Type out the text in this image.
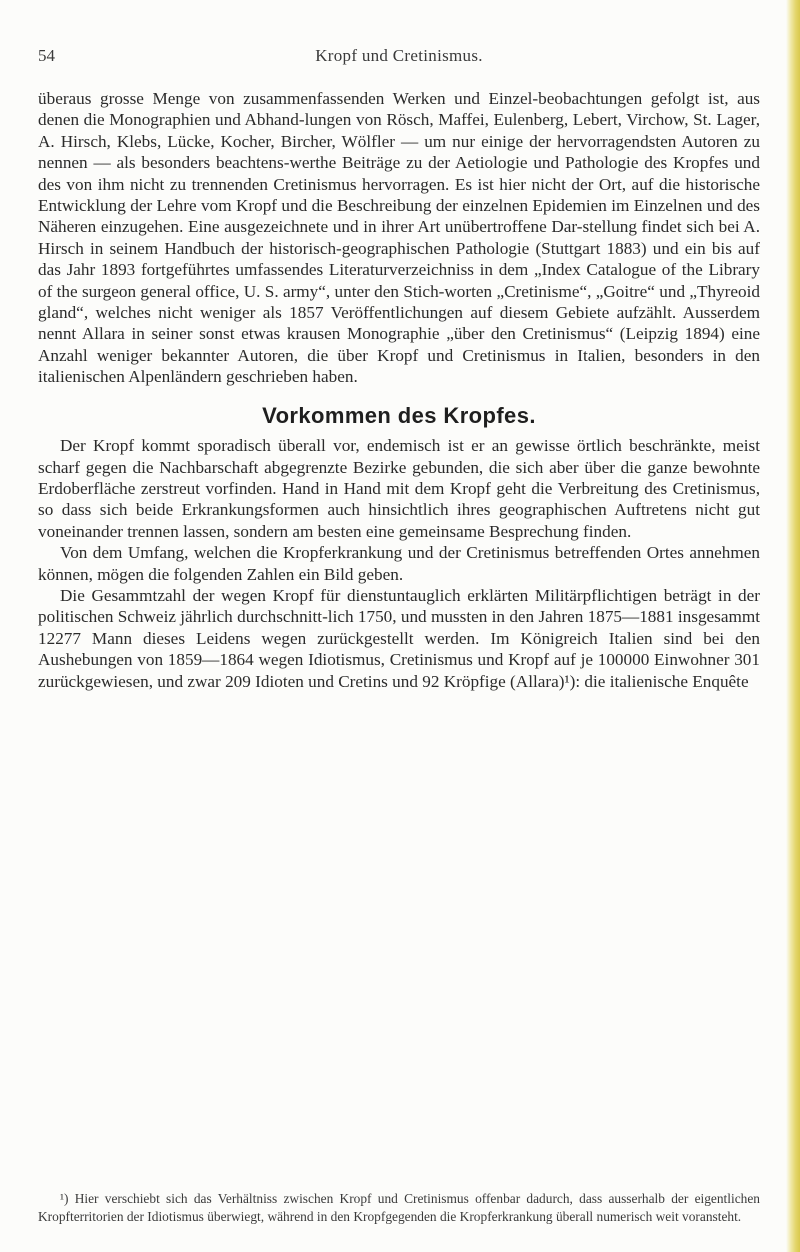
54	Kropf und Cretinismus.

überaus grosse Menge von zusammenfassenden Werken und Einzel-beobachtungen gefolgt ist, aus denen die Monographien und Abhand-lungen von Rösch, Maffei, Eulenberg, Lebert, Virchow, St. Lager, A. Hirsch, Klebs, Lücke, Kocher, Bircher, Wölfler — um nur einige der hervorragendsten Autoren zu nennen — als besonders beachtens-werthe Beiträge zu der Aetiologie und Pathologie des Kropfes und des von ihm nicht zu trennenden Cretinismus hervorragen. Es ist hier nicht der Ort, auf die historische Entwicklung der Lehre vom Kropf und die Beschreibung der einzelnen Epidemien im Einzelnen und des Näheren einzugehen. Eine ausgezeichnete und in ihrer Art unübertroffene Dar-stellung findet sich bei A. Hirsch in seinem Handbuch der historisch-geographischen Pathologie (Stuttgart 1883) und ein bis auf das Jahr 1893 fortgeführtes umfassendes Literaturverzeichniss in dem „Index Catalogue of the Library of the surgeon general office, U. S. army“, unter den Stich-worten „Cretinisme“, „Goitre“ und „Thyreoid gland“, welches nicht weniger als 1857 Veröffentlichungen auf diesem Gebiete aufzählt. Ausserdem nennt Allara in seiner sonst etwas krausen Monographie „über den Cretinismus“ (Leipzig 1894) eine Anzahl weniger bekannter Autoren, die über Kropf und Cretinismus in Italien, besonders in den italienischen Alpenländern geschrieben haben.

Vorkommen des Kropfes.

Der Kropf kommt sporadisch überall vor, endemisch ist er an gewisse örtlich beschränkte, meist scharf gegen die Nachbarschaft abgegrenzte Bezirke gebunden, die sich aber über die ganze bewohnte Erdoberfläche zerstreut vorfinden. Hand in Hand mit dem Kropf geht die Verbreitung des Cretinismus, so dass sich beide Erkrankungsformen auch hinsichtlich ihres geographischen Auftretens nicht gut voneinander trennen lassen, sondern am besten eine gemeinsame Besprechung finden.

Von dem Umfang, welchen die Kropferkrankung und der Cretinismus betreffenden Ortes annehmen können, mögen die folgenden Zahlen ein Bild geben.

Die Gesammtzahl der wegen Kropf für dienstuntauglich erklärten Militärpflichtigen beträgt in der politischen Schweiz jährlich durchschnitt-lich 1750, und mussten in den Jahren 1875—1881 insgesammt 12277 Mann dieses Leidens wegen zurückgestellt werden. Im Königreich Italien sind bei den Aushebungen von 1859—1864 wegen Idiotismus, Cretinismus und Kropf auf je 100000 Einwohner 301 zurückgewiesen, und zwar 209 Idioten und Cretins und 92 Kröpfige (Allara)¹): die italienische Enquête

¹) Hier verschiebt sich das Verhältniss zwischen Kropf und Cretinismus offenbar dadurch, dass ausserhalb der eigentlichen Kropfterritorien der Idiotismus überwiegt, während in den Kropfgegenden die Kropferkrankung überall numerisch weit voransteht.
